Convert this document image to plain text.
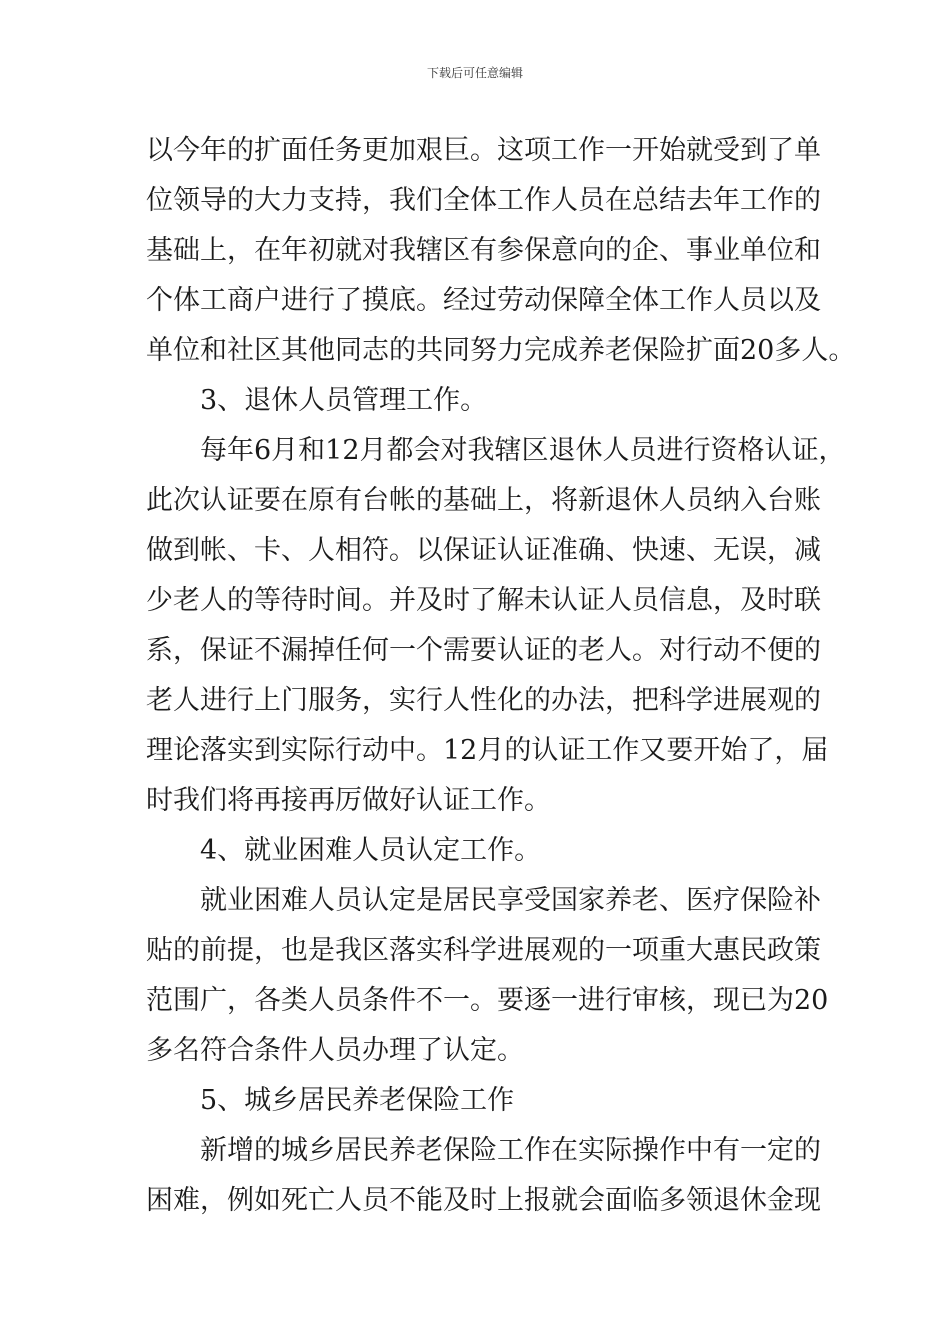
下载后可任意编辑
以今年的扩面任务更加艰巨。这项工作一开始就受到了单
位领导的大力支持，我们全体工作人员在总结去年工作的
基础上，在年初就对我辖区有参保意向的企、事业单位和
个体工商户进行了摸底。经过劳动保障全体工作人员以及
单位和社区其他同志的共同努力完成养老保险扩面20多人。
3、退休人员管理工作。
每年6月和12月都会对我辖区退休人员进行资格认证，
此次认证要在原有台帐的基础上，将新退休人员纳入台账
做到帐、卡、人相符。以保证认证准确、快速、无误，减
少老人的等待时间。并及时了解未认证人员信息，及时联
系，保证不漏掉任何一个需要认证的老人。对行动不便的
老人进行上门服务，实行人性化的办法，把科学进展观的
理论落实到实际行动中。12月的认证工作又要开始了，届
时我们将再接再厉做好认证工作。
4、就业困难人员认定工作。
就业困难人员认定是居民享受国家养老、医疗保险补
贴的前提，也是我区落实科学进展观的一项重大惠民政策
范围广，各类人员条件不一。要逐一进行审核，现已为20
多名符合条件人员办理了认定。
5、城乡居民养老保险工作
新增的城乡居民养老保险工作在实际操作中有一定的
困难，例如死亡人员不能及时上报就会面临多领退休金现
